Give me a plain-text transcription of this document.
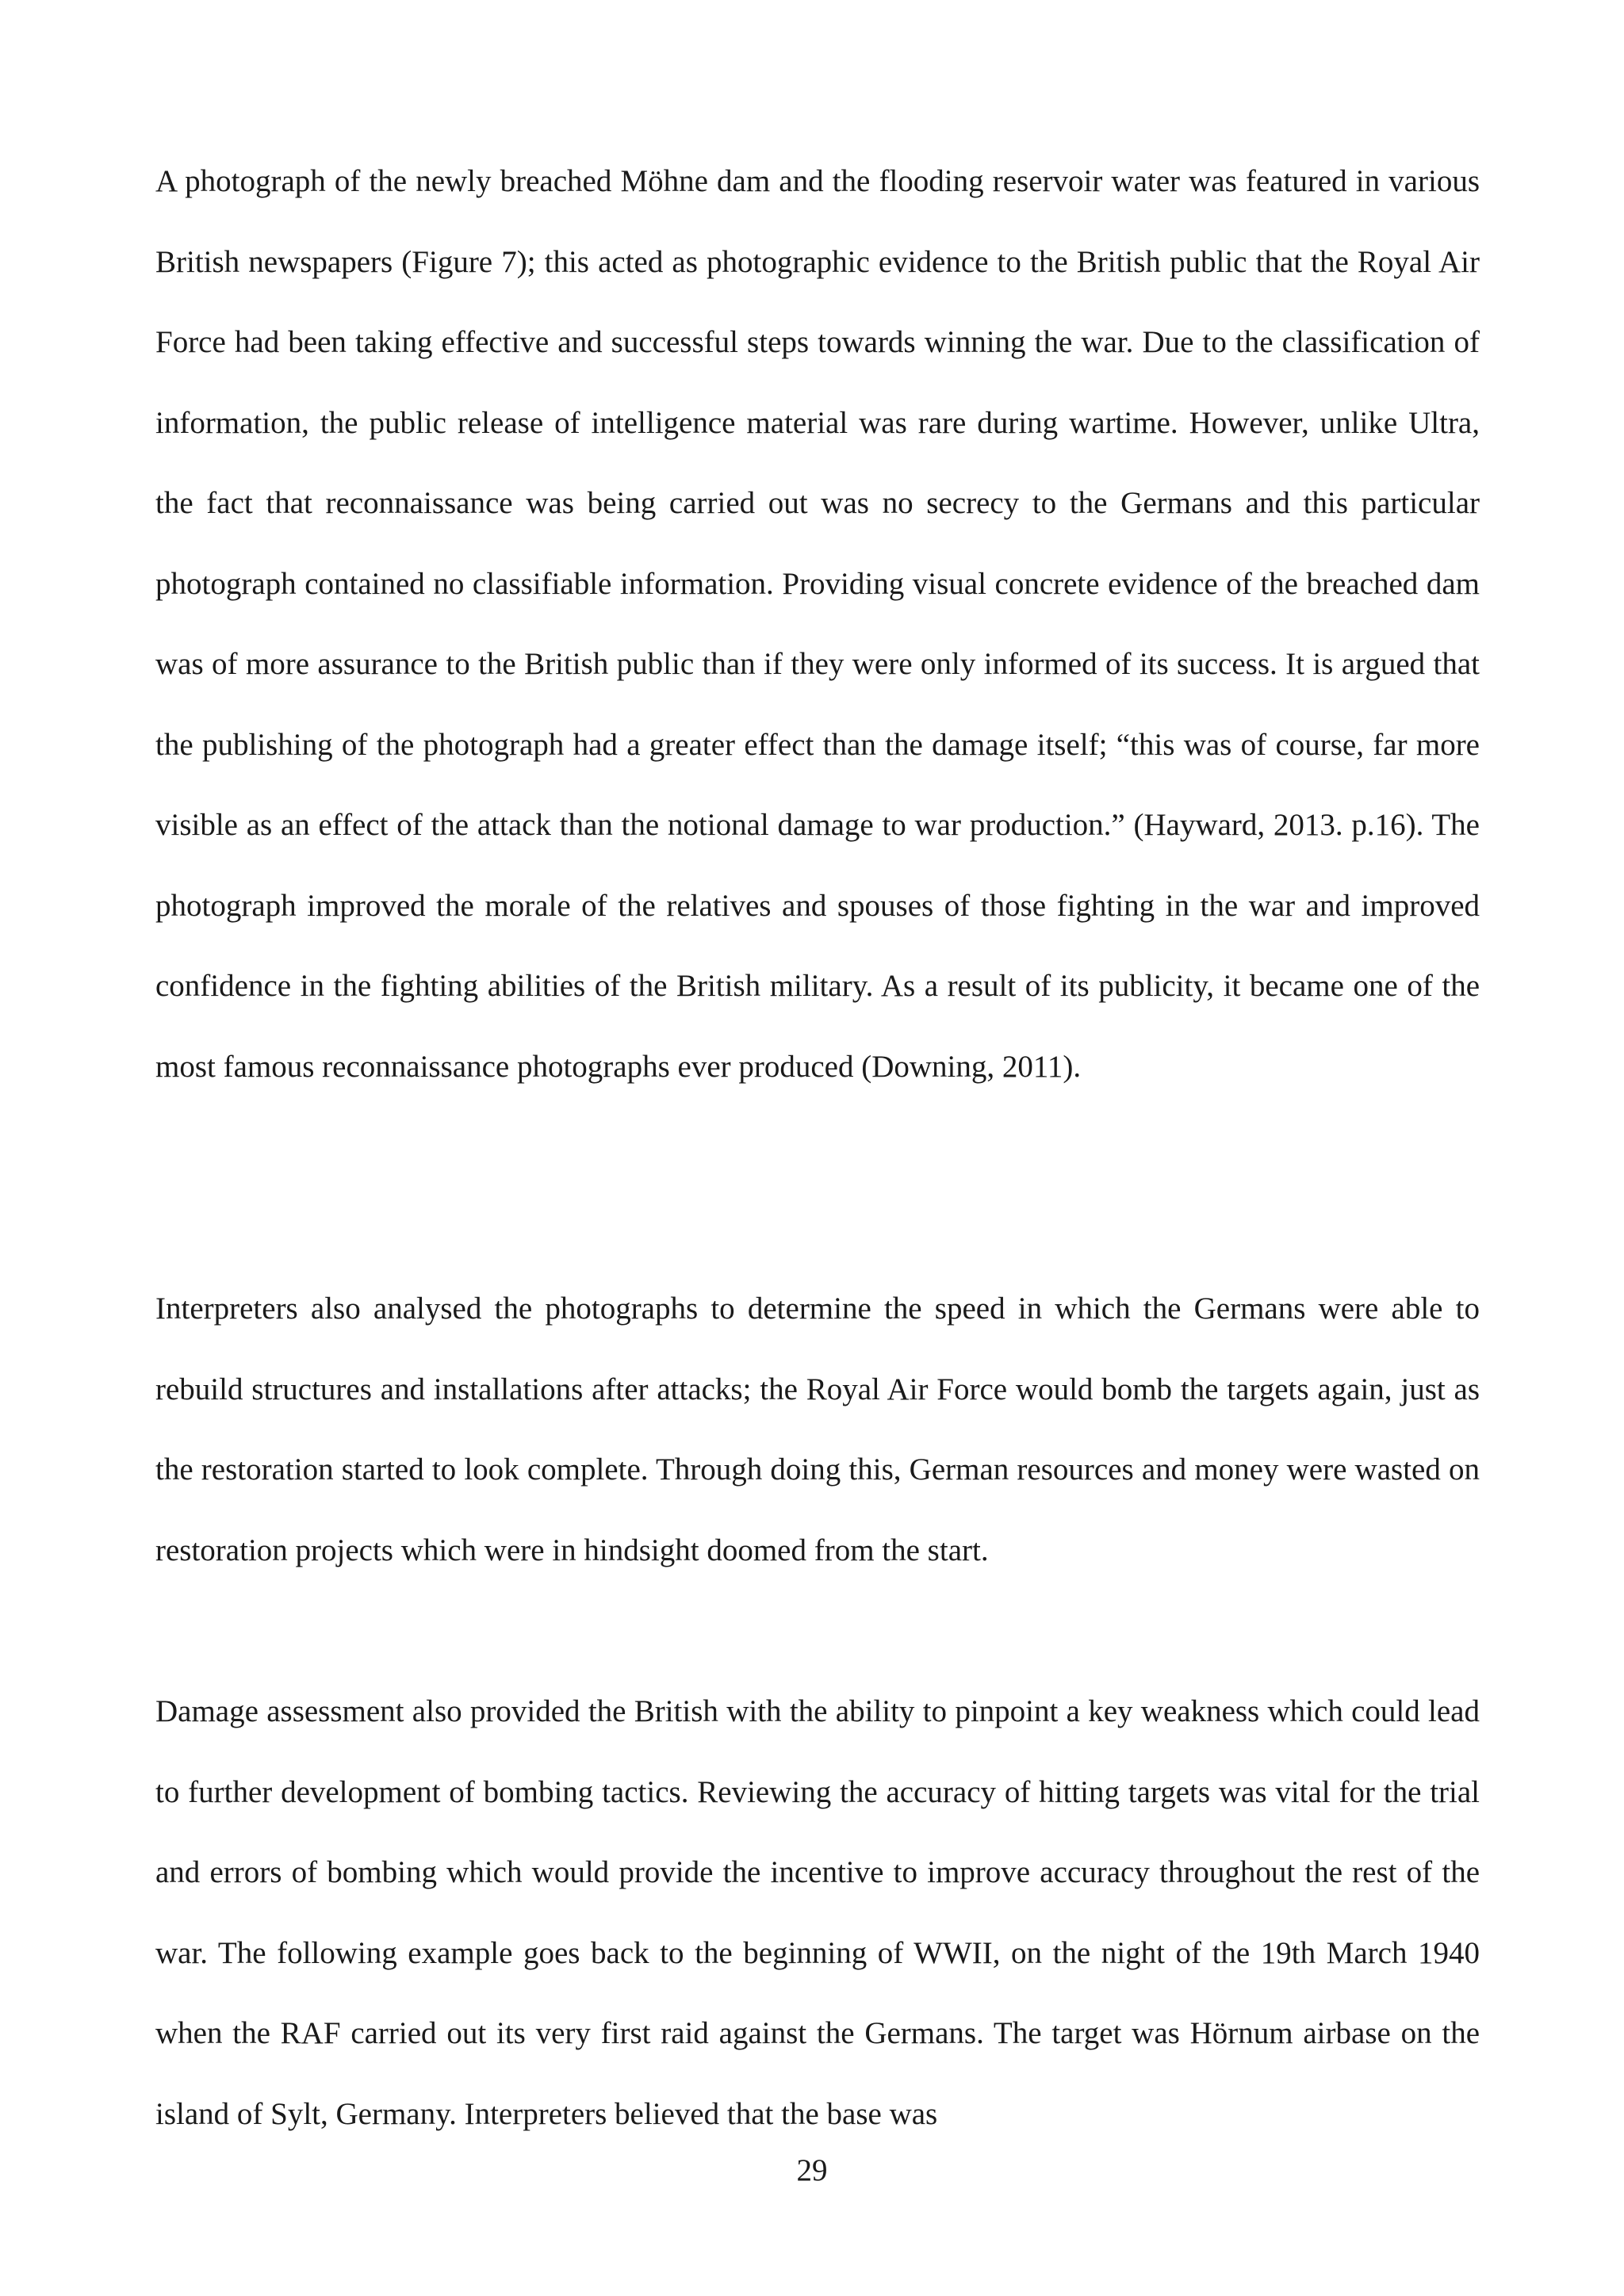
A photograph of the newly breached Möhne dam and the flooding reservoir water was featured in various British newspapers (Figure 7); this acted as photographic evidence to the British public that the Royal Air Force had been taking effective and successful steps towards winning the war. Due to the classification of information, the public release of intelligence material was rare during wartime. However, unlike Ultra, the fact that reconnaissance was being carried out was no secrecy to the Germans and this particular photograph contained no classifiable information. Providing visual concrete evidence of the breached dam was of more assurance to the British public than if they were only informed of its success. It is argued that the publishing of the photograph had a greater effect than the damage itself; “this was of course, far more visible as an effect of the attack than the notional damage to war production.” (Hayward, 2013. p.16). The photograph improved the morale of the relatives and spouses of those fighting in the war and improved confidence in the fighting abilities of the British military. As a result of its publicity, it became one of the most famous reconnaissance photographs ever produced (Downing, 2011).

Interpreters also analysed the photographs to determine the speed in which the Germans were able to rebuild structures and installations after attacks; the Royal Air Force would bomb the targets again, just as the restoration started to look complete. Through doing this, German resources and money were wasted on restoration projects which were in hindsight doomed from the start.

Damage assessment also provided the British with the ability to pinpoint a key weakness which could lead to further development of bombing tactics. Reviewing the accuracy of hitting targets was vital for the trial and errors of bombing which would provide the incentive to improve accuracy throughout the rest of the war. The following example goes back to the beginning of WWII, on the night of the 19th March 1940 when the RAF carried out its very first raid against the Germans. The target was Hörnum airbase on the island of Sylt, Germany. Interpreters believed that the base was

29
